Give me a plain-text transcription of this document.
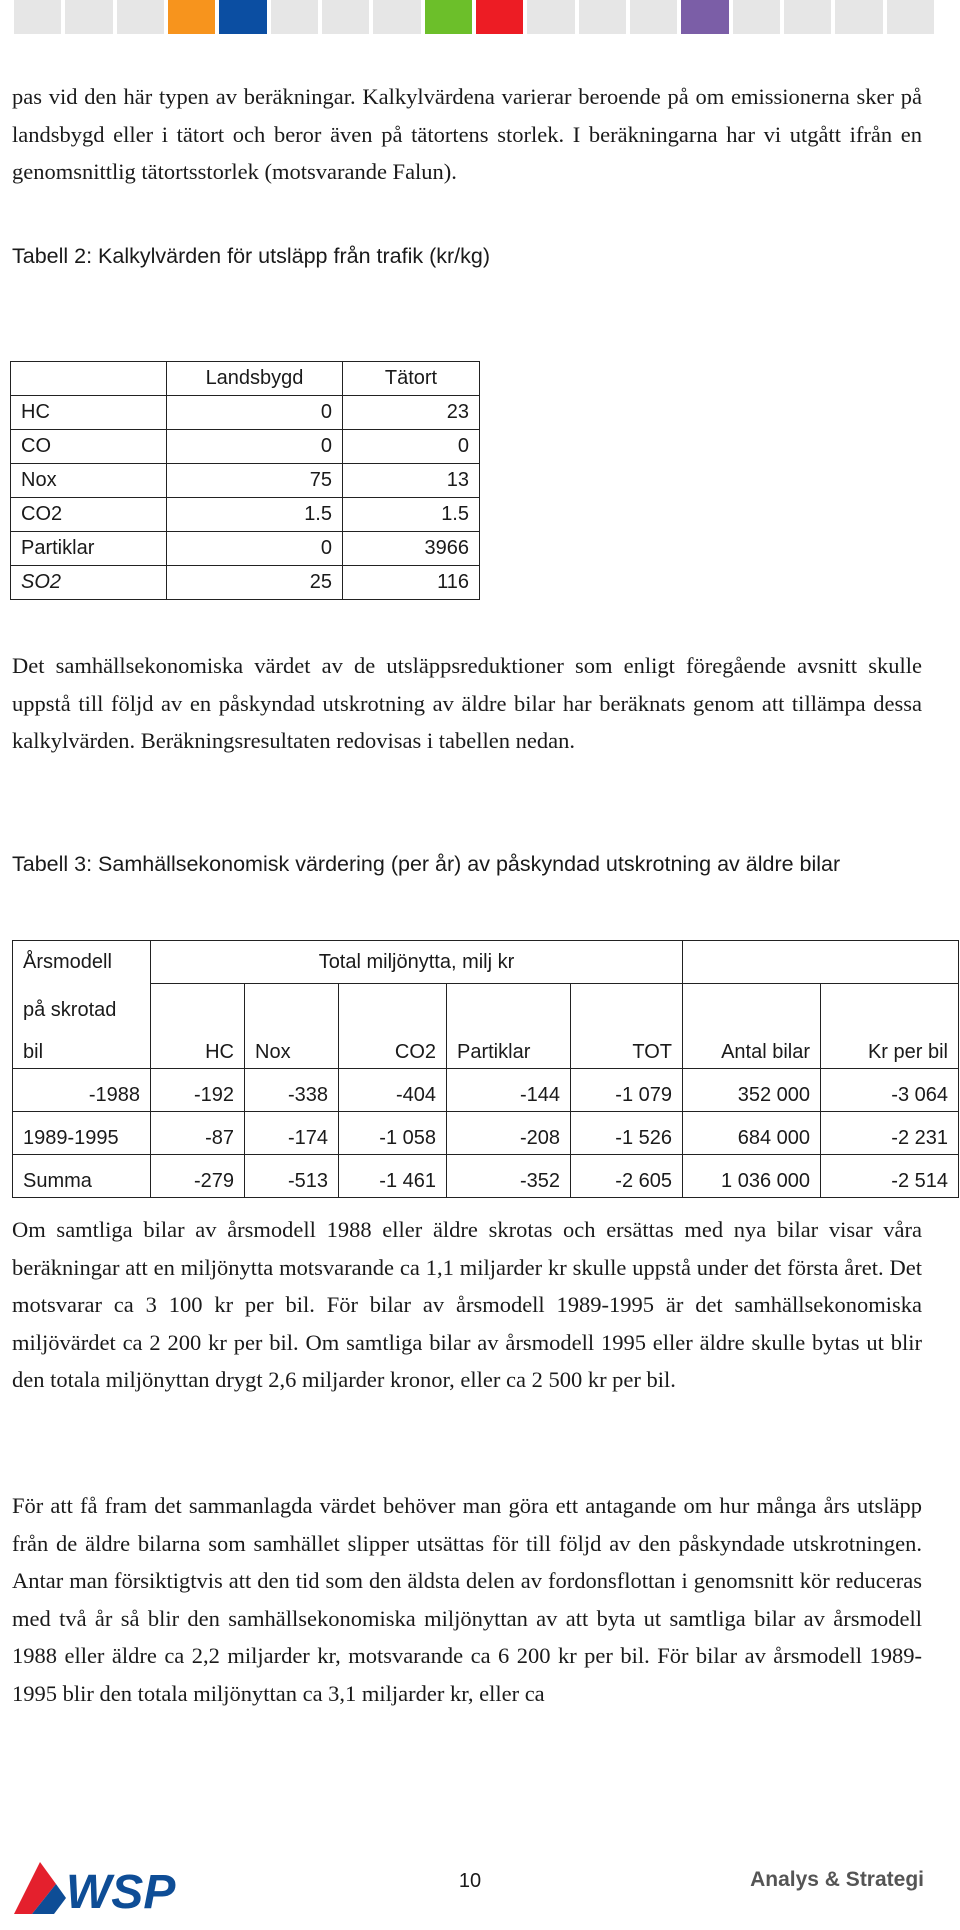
pas vid den här typen av beräkningar. Kalkylvärdena varierar beroende på om emissionerna sker på landsbygd eller i tätort och beror även på tätortens storlek. I beräkningarna har vi utgått ifrån en genomsnittlig tätortsstorlek (motsvarande Falun).

Tabell 2: Kalkylvärden för utsläpp från trafik (kr/kg)

	Landsbygd	Tätort
HC	0	23
CO	0	0
Nox	75	13
CO2	1.5	1.5
Partiklar	0	3966
SO2	25	116

Det samhällsekonomiska värdet av de utsläppsreduktioner som enligt föregående avsnitt skulle uppstå till följd av en påskyndad utskrotning av äldre bilar har beräknats genom att tillämpa dessa kalkylvärden. Beräkningsresultaten redovisas i tabellen nedan.

Tabell 3: Samhällsekonomisk värdering (per år) av påskyndad utskrotning av äldre bilar

Årsmodell	Total miljönytta, milj kr						
på skrotad	HC	Nox	CO2	Partiklar	TOT	Antal bilar	Kr per bil
bil							
-1988	-192	-338	-404	-144	-1 079	352 000	-3 064
1989-1995	-87	-174	-1 058	-208	-1 526	684 000	-2 231
Summa	-279	-513	-1 461	-352	-2 605	1 036 000	-2 514

Om samtliga bilar av årsmodell 1988 eller äldre skrotas och ersättas med nya bilar visar våra beräkningar att en miljönytta motsvarande ca 1,1 miljarder kr skulle uppstå under det första året. Det motsvarar ca 3 100 kr per bil. För bilar av årsmodell 1989-1995 är det samhällsekonomiska miljövärdet ca 2 200 kr per bil. Om samtliga bilar av årsmodell 1995 eller äldre skulle bytas ut blir den totala miljönyttan drygt 2,6 miljarder kronor, eller ca 2 500 kr per bil.

För att få fram det sammanlagda värdet behöver man göra ett antagande om hur många års utsläpp från de äldre bilarna som samhället slipper utsättas för till följd av den påskyndade utskrotningen. Antar man försiktigtvis att den tid som den äldsta delen av fordonsflottan i genomsnitt kör reduceras med två år så blir den samhällsekonomiska miljönyttan av att byta ut samtliga bilar av årsmodell 1988 eller äldre ca 2,2 miljarder kr, motsvarande ca 6 200 kr per bil. För bilar av årsmodell 1989-1995 blir den totala miljönyttan ca 3,1 miljarder kr, eller ca

WSP	10	Analys & Strategi
